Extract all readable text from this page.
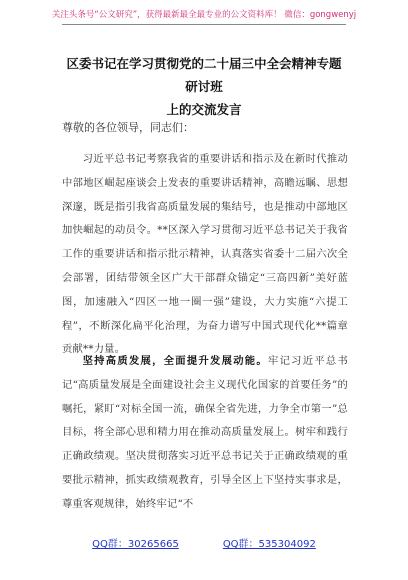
关注头条号“公文研究”，获得最新最全最专业的公文资料库！ 微信：gongwenyj
区委书记在学习贯彻党的二十届三中全会精神专题研讨班
上的交流发言
尊敬的各位领导，同志们：

习近平总书记考察我省的重要讲话和指示及在新时代推动中部地区崛起座谈会上发表的重要讲话精神，高瞻远瞩、思想深邃，既是指引我省高质量发展的集结号，也是推动中部地区加快崛起的动员令。**区深入学习贯彻习近平总书记关于我省工作的重要讲话和指示批示精神，认真落实省委十二届六次全会部署，团结带领全区广大干部群众锚定“三高四新”美好蓝图，加速融入“四区一地一圈一强”建设，大力实施“六提工程”，不断深化扁平化治理，为奋力谱写中国式现代化**篇章贡献**力量。

坚持高质发展，全面提升发展动能。牢记习近平总书记“高质量发展是全面建设社会主义现代化国家的首要任务”的嘱托，紧盯“对标全国一流，确保全省先进，力争全市第一”总目标，将全部心思和精力用在推动高质量发展上。树牢和践行正确政绩观。坚决贯彻落实习近平总书记关于正确政绩观的重要批示精神，抓实政绩观教育，引导全区上下坚持实事求是， 尊重客观规律，始终牢记“不

QQ群：30265665	QQ群：535304092
